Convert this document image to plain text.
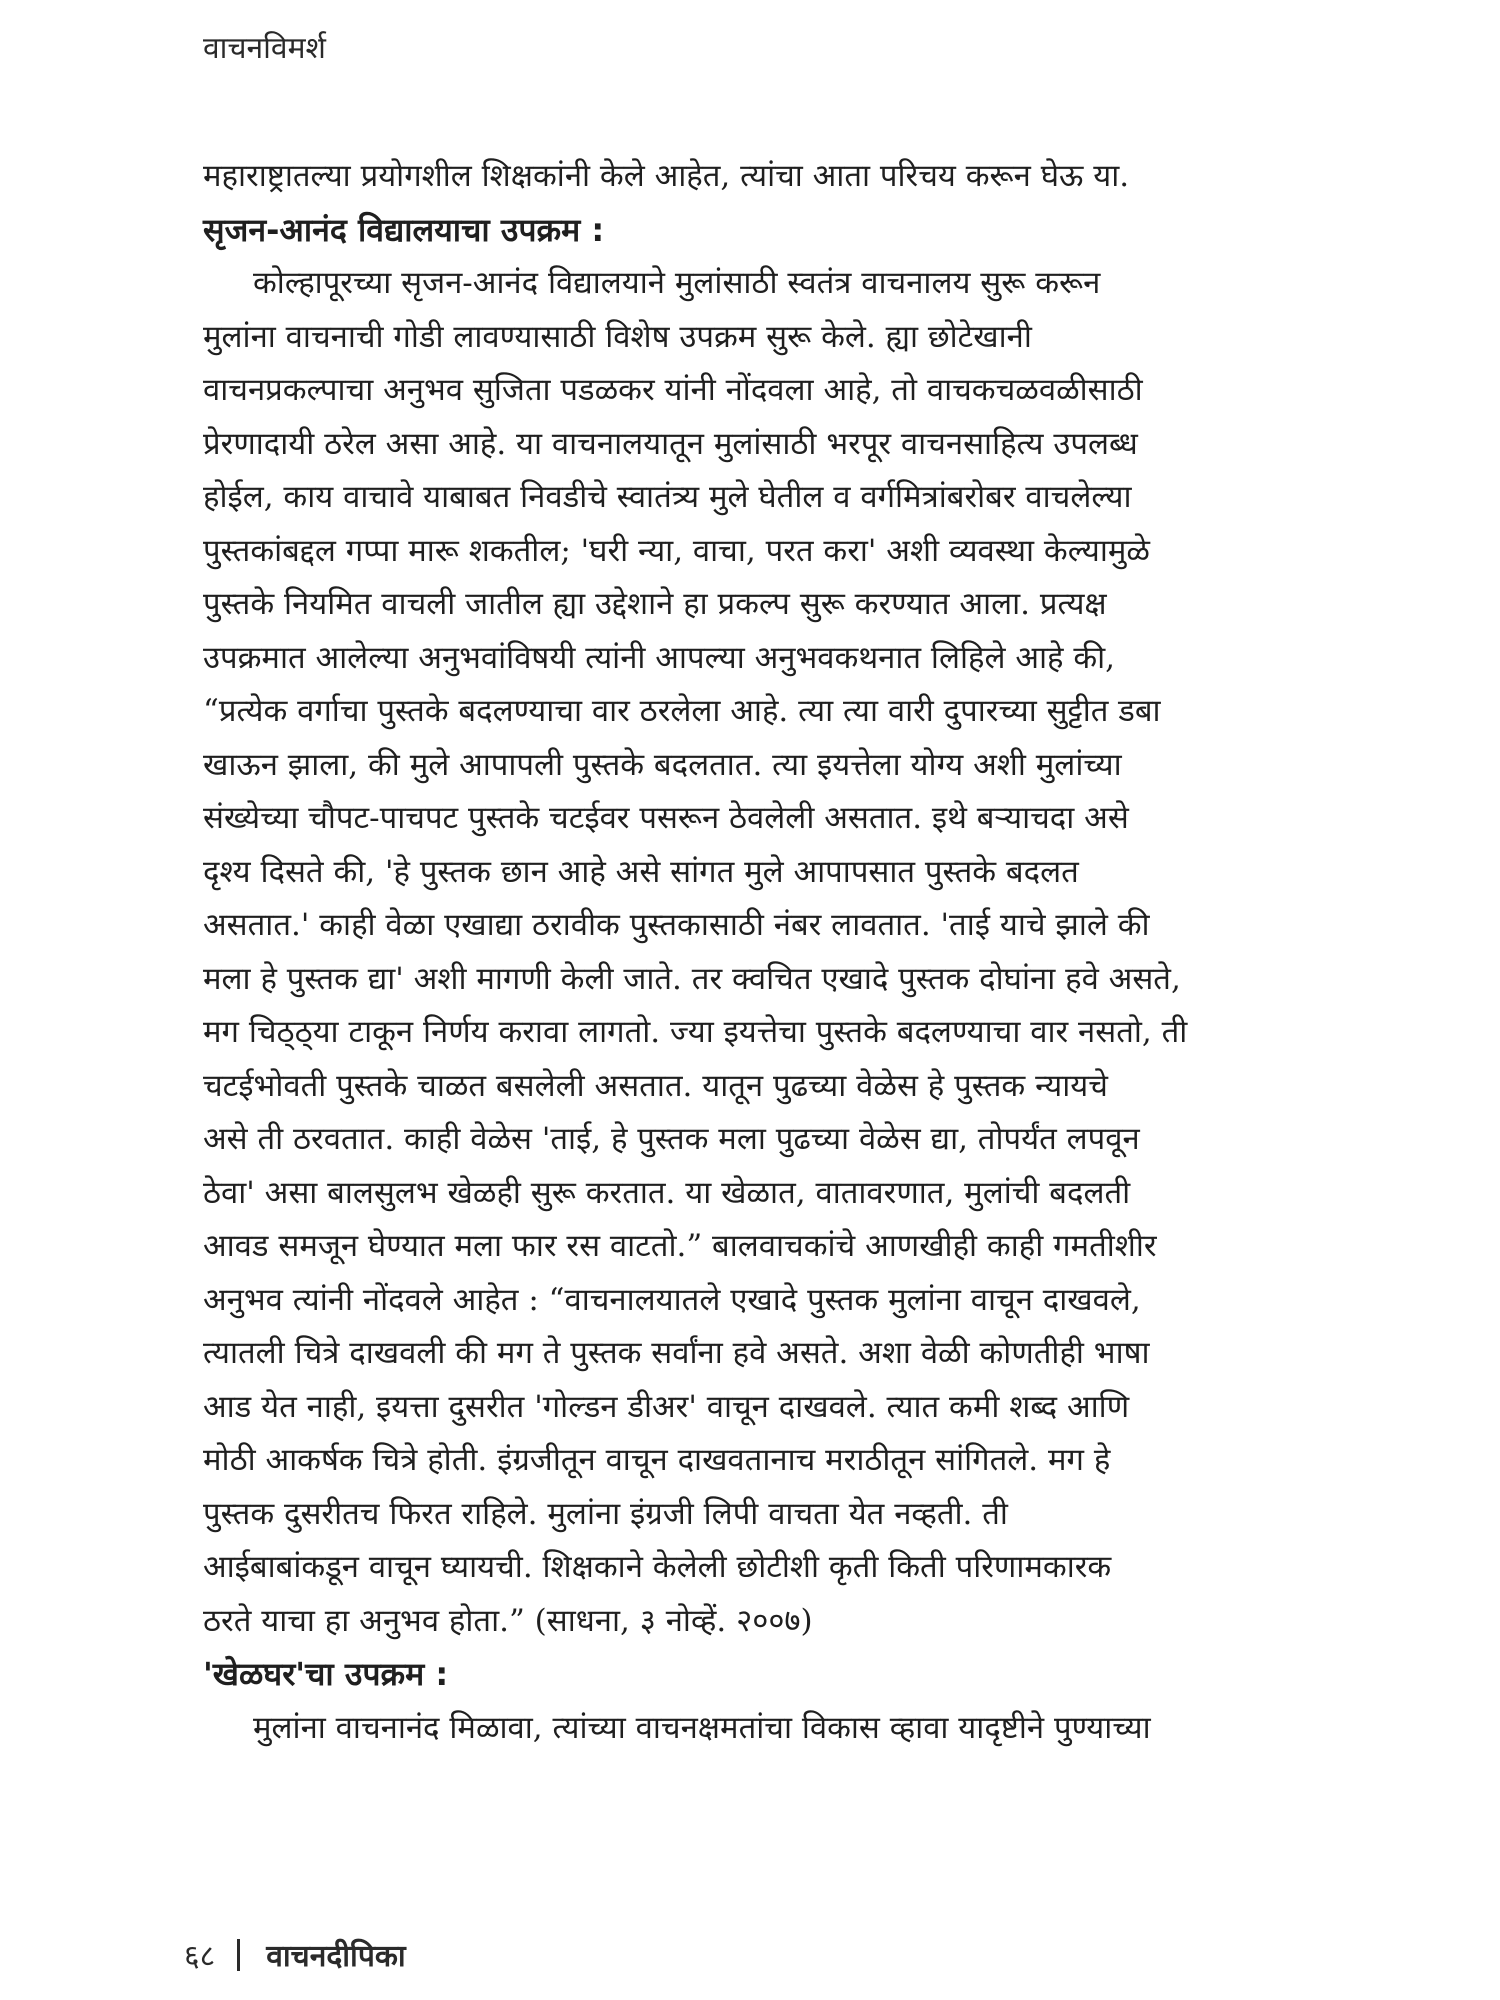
वाचनविमर्श
महाराष्ट्रातल्या प्रयोगशील शिक्षकांनी केले आहेत, त्यांचा आता परिचय करून घेऊ या.
सृजन-आनंद विद्यालयाचा उपक्रम :
कोल्हापूरच्या सृजन-आनंद विद्यालयाने मुलांसाठी स्वतंत्र वाचनालय सुरू करून
मुलांना वाचनाची गोडी लावण्यासाठी विशेष उपक्रम सुरू केले. ह्या छोटेखानी
वाचनप्रकल्पाचा अनुभव सुजिता पडळकर यांनी नोंदवला आहे, तो वाचकचळवळीसाठी
प्रेरणादायी ठरेल असा आहे. या वाचनालयातून मुलांसाठी भरपूर वाचनसाहित्य उपलब्ध
होईल, काय वाचावे याबाबत निवडीचे स्वातंत्र्य मुले घेतील व वर्गमित्रांबरोबर वाचलेल्या
पुस्तकांबद्दल गप्पा मारू शकतील; 'घरी न्या, वाचा, परत करा' अशी व्यवस्था केल्यामुळे
पुस्तके नियमित वाचली जातील ह्या उद्देशाने हा प्रकल्प सुरू करण्यात आला. प्रत्यक्ष
उपक्रमात आलेल्या अनुभवांविषयी त्यांनी आपल्या अनुभवकथनात लिहिले आहे की,
“प्रत्येक वर्गाचा पुस्तके बदलण्याचा वार ठरलेला आहे. त्या त्या वारी दुपारच्या सुट्टीत डबा
खाऊन झाला, की मुले आपापली पुस्तके बदलतात. त्या इयत्तेला योग्य अशी मुलांच्या
संख्येच्या चौपट-पाचपट पुस्तके चटईवर पसरून ठेवलेली असतात. इथे बऱ्याचदा असे
दृश्य दिसते की, 'हे पुस्तक छान आहे असे सांगत मुले आपापसात पुस्तके बदलत
असतात.' काही वेळा एखाद्या ठरावीक पुस्तकासाठी नंबर लावतात. 'ताई याचे झाले की
मला हे पुस्तक द्या' अशी मागणी केली जाते. तर क्वचित एखादे पुस्तक दोघांना हवे असते,
मग चिठ्ठ्या टाकून निर्णय करावा लागतो. ज्या इयत्तेचा पुस्तके बदलण्याचा वार नसतो, ती
चटईभोवती पुस्तके चाळत बसलेली असतात. यातून पुढच्या वेळेस हे पुस्तक न्यायचे
असे ती ठरवतात. काही वेळेस 'ताई, हे पुस्तक मला पुढच्या वेळेस द्या, तोपर्यंत लपवून
ठेवा' असा बालसुलभ खेळही सुरू करतात. या खेळात, वातावरणात, मुलांची बदलती
आवड समजून घेण्यात मला फार रस वाटतो.” बालवाचकांचे आणखीही काही गमतीशीर
अनुभव त्यांनी नोंदवले आहेत : “वाचनालयातले एखादे पुस्तक मुलांना वाचून दाखवले,
त्यातली चित्रे दाखवली की मग ते पुस्तक सर्वांना हवे असते. अशा वेळी कोणतीही भाषा
आड येत नाही, इयत्ता दुसरीत 'गोल्डन डीअर' वाचून दाखवले. त्यात कमी शब्द आणि
मोठी आकर्षक चित्रे होती. इंग्रजीतून वाचून दाखवतानाच मराठीतून सांगितले. मग हे
पुस्तक दुसरीतच फिरत राहिले. मुलांना इंग्रजी लिपी वाचता येत नव्हती. ती
आईबाबांकडून वाचून घ्यायची. शिक्षकाने केलेली छोटीशी कृती किती परिणामकारक
ठरते याचा हा अनुभव होता.” (साधना, ३ नोव्हें. २००७)
'खेळघर'चा उपक्रम :
मुलांना वाचनानंद मिळावा, त्यांच्या वाचनक्षमतांचा विकास व्हावा यादृष्टीने पुण्याच्या
६८ वाचनदीपिका
